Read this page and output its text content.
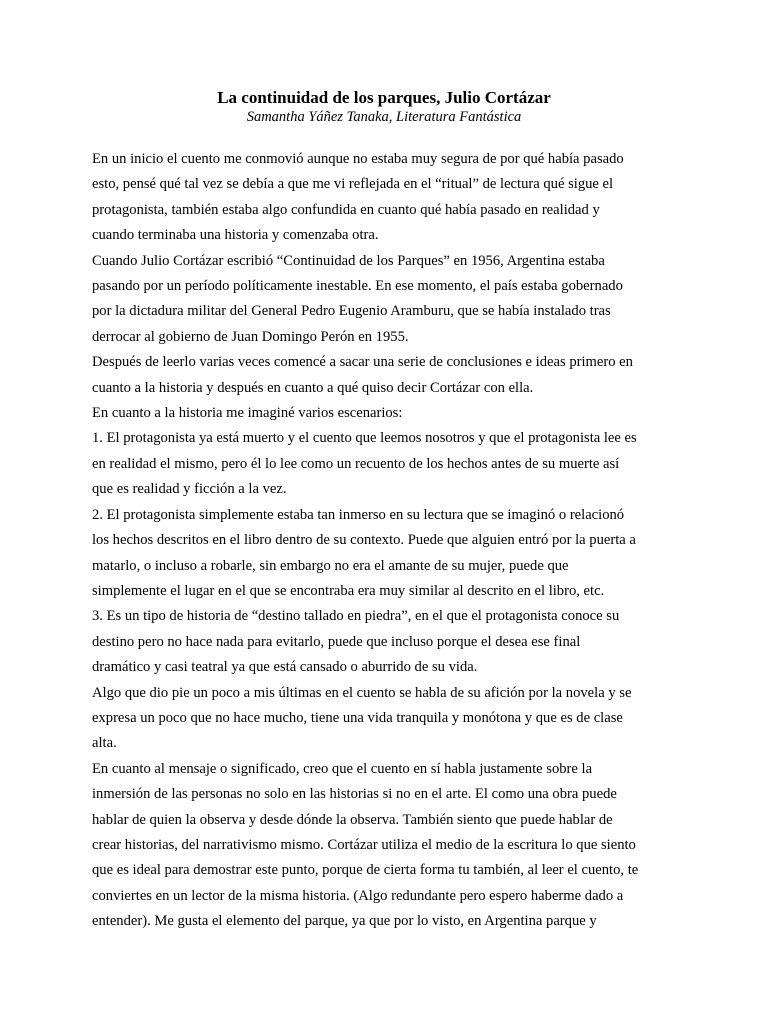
La continuidad de los parques, Julio Cortázar

Samantha Yáñez Tanaka, Literatura Fantástica

En un inicio el cuento me conmovió aunque no estaba muy segura de por qué había pasado
esto, pensé qué tal vez se debía a que me vi reflejada en el “ritual” de lectura qué sigue el
protagonista, también estaba algo confundida en cuanto qué había pasado en realidad y
cuando terminaba una historia y comenzaba otra.
Cuando Julio Cortázar escribió “Continuidad de los Parques” en 1956, Argentina estaba
pasando por un período políticamente inestable. En ese momento, el país estaba gobernado
por la dictadura militar del General Pedro Eugenio Aramburu, que se había instalado tras
derrocar al gobierno de Juan Domingo Perón en 1955.
Después de leerlo varias veces comencé a sacar una serie de conclusiones e ideas primero en
cuanto a la historia y después en cuanto a qué quiso decir Cortázar con ella.
En cuanto a la historia me imaginé varios escenarios:
1. El protagonista ya está muerto y el cuento que leemos nosotros y que el protagonista lee es
en realidad el mismo, pero él lo lee como un recuento de los hechos antes de su muerte así
que es realidad y ficción a la vez.
2. El protagonista simplemente estaba tan inmerso en su lectura que se imaginó o relacionó
los hechos descritos en el libro dentro de su contexto. Puede que alguien entró por la puerta a
matarlo, o incluso a robarle, sin embargo no era el amante de su mujer, puede que
simplemente el lugar en el que se encontraba era muy similar al descrito en el libro, etc.
3. Es un tipo de historia de “destino tallado en piedra”, en el que el protagonista conoce su
destino pero no hace nada para evitarlo, puede que incluso porque el desea ese final
dramático y casi teatral ya que está cansado o aburrido de su vida.
Algo que dio pie un poco a mis últimas en el cuento se habla de su afición por la novela y se
expresa un poco que no hace mucho, tiene una vida tranquila y monótona y que es de clase
alta.
En cuanto al mensaje o significado, creo que el cuento en sí habla justamente sobre la
inmersión de las personas no solo en las historias si no en el arte. El como una obra puede
hablar de quien la observa y desde dónde la observa. También siento que puede hablar de
crear historias, del narrativismo mismo. Cortázar utiliza el medio de la escritura lo que siento
que es ideal para demostrar este punto, porque de cierta forma tu también, al leer el cuento, te
conviertes en un lector de la misma historia. (Algo redundante pero espero haberme dado a
entender). Me gusta el elemento del parque, ya que por lo visto, en Argentina parque y
